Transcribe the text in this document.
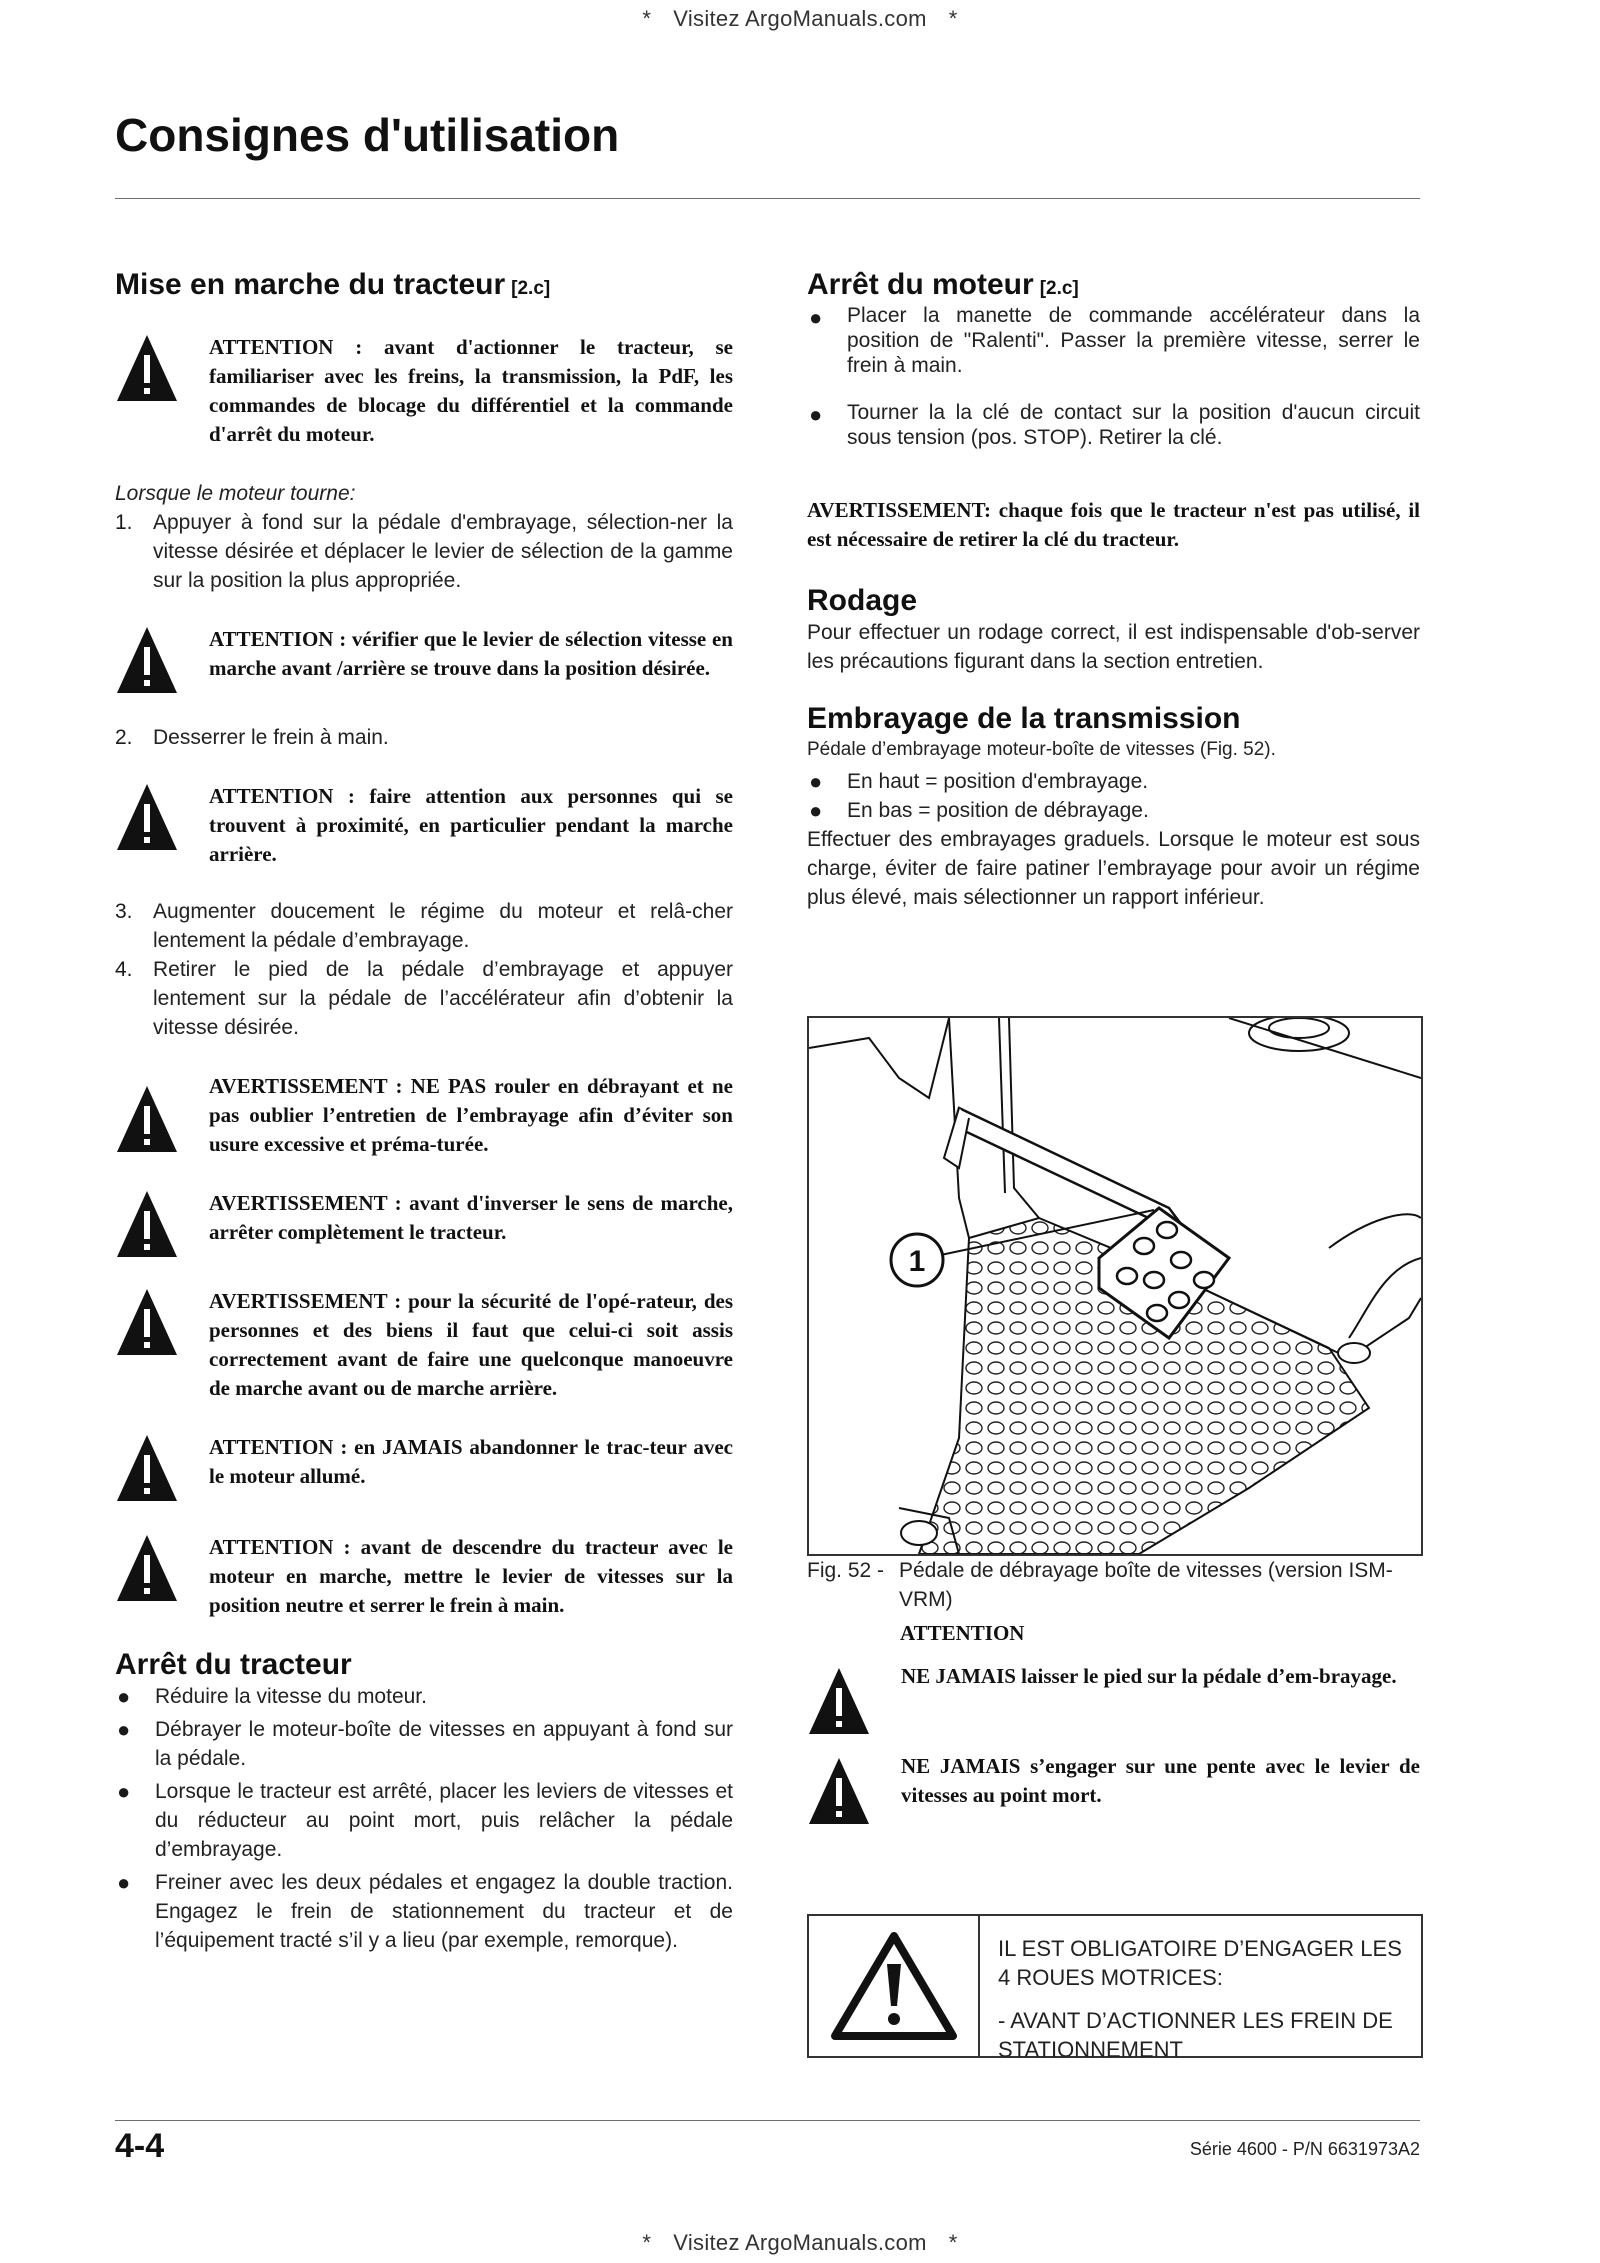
* Visitez ArgoManuals.com *
Consignes d'utilisation
Mise en marche du tracteur [2.c]
ATTENTION : avant d'actionner le tracteur, se familiariser avec les freins, la transmission, la PdF, les commandes de blocage du différentiel et la commande d'arrêt du moteur.

Lorsque le moteur tourne:

1. Appuyer à fond sur la pédale d'embrayage, sélection-ner la vitesse désirée et déplacer le levier de sélection de la gamme sur la position la plus appropriée.

ATTENTION : vérifier que le levier de sélection vitesse en marche avant /arrière se trouve dans la position désirée.
2. Desserrer le frein à main.

ATTENTION : faire attention aux personnes qui se trouvent à proximité, en particulier pendant la marche arrière.
3. Augmenter doucement le régime du moteur et relâ-cher lentement la pédale d’embrayage.

4. Retirer le pied de la pédale d’embrayage et appuyer lentement sur la pédale de l’accélérateur afin d’obtenir la vitesse désirée.

AVERTISSEMENT : NE PAS rouler en débrayant et ne pas oublier l’entretien de l’embrayage afin d’éviter son usure excessive et préma-turée.
AVERTISSEMENT : avant d'inverser le sens de marche, arrêter complètement le tracteur.
AVERTISSEMENT : pour la sécurité de l'opé-rateur, des personnes et des biens il faut que celui-ci soit assis correctement avant de faire une quelconque manoeuvre de marche avant ou de marche arrière.
ATTENTION : en JAMAIS abandonner le trac-teur avec le moteur allumé.
ATTENTION : avant de descendre du tracteur avec le moteur en marche, mettre le levier de vitesses sur la position neutre et serrer le frein à main.
Arrêt du tracteur
●	Réduire la vitesse du moteur.

●	Débrayer le moteur-boîte de vitesses en appuyant à fond sur la pédale.

●	Lorsque le tracteur est arrêté, placer les leviers de vitesses et du réducteur au point mort, puis relâcher la pédale d’embrayage.

●	Freiner avec les deux pédales et engagez la double traction. Engagez le frein de stationnement du tracteur et de l’équipement tracté s’il y a lieu (par exemple, remorque).

Arrêt du moteur [2.c]
●	Placer la manette de commande accélérateur dans la position de "Ralenti". Passer la première vitesse, serrer le frein à main.

●	Tourner la la clé de contact sur la position d'aucun circuit sous tension (pos. STOP). Retirer la clé.

AVERTISSEMENT: chaque fois que le tracteur n'est pas utilisé, il est nécessaire de retirer la clé du tracteur.

Rodage

Pour effectuer un rodage correct, il est indispensable d'ob-server les précautions figurant dans la section entretien.

Embrayage de la transmission

Pédale d’embrayage moteur-boîte de vitesses (Fig. 52).

●	En haut = position d'embrayage.

●	En bas = position de débrayage.

Effectuer des embrayages graduels. Lorsque le moteur est sous charge, éviter de faire patiner l’embrayage pour avoir un régime plus élevé, mais sélectionner un rapport inférieur.

1
Fig. 52 - Pédale de débrayage boîte de vitesses (version ISM-VRM)
ATTENTION
NE JAMAIS laisser le pied sur la pédale d’em-brayage.
NE JAMAIS s’engager sur une pente avec le levier de vitesses au point mort.
IL EST OBLIGATOIRE D’ENGAGER LES 4 ROUES MOTRICES:
- AVANT D’ACTIONNER LES FREIN DE STATIONNEMENT
4-4	Série 4600 - P/N 6631973A2
* Visitez ArgoManuals.com *
